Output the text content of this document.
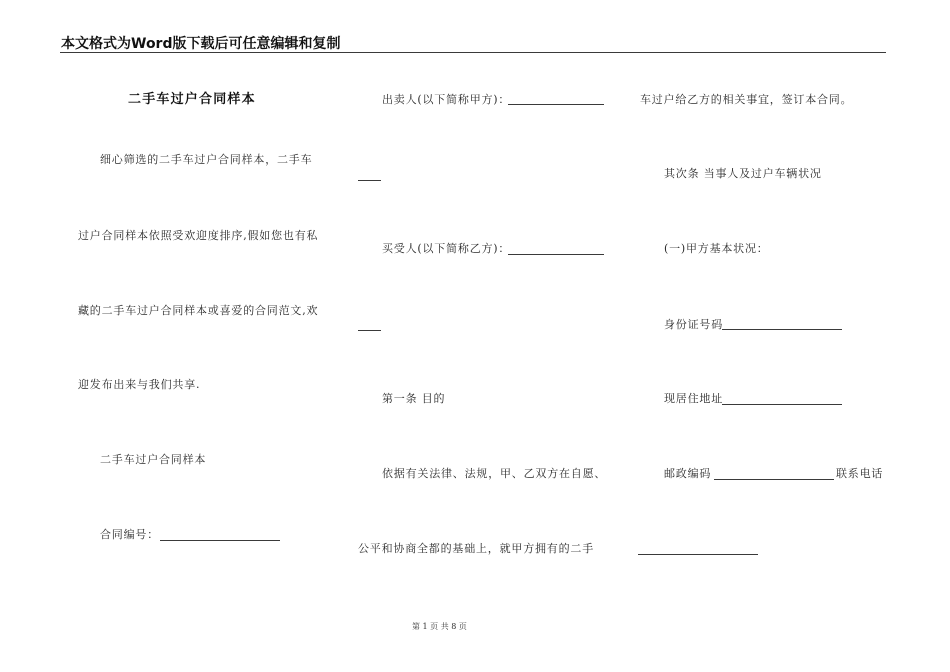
本文格式为Word版下载后可任意编辑和复制
二手车过户合同样本
细心筛选的二手车过户合同样本，二手车
过户合同样本依照受欢迎度排序,假如您也有私
藏的二手车过户合同样本或喜爱的合同范文,欢
迎发布出来与我们共享.
二手车过户合同样本
合同编号：
出卖人(以下简称甲方)：
买受人(以下简称乙方)：
第一条 目的
依据有关法律、法规，甲、乙双方在自愿、
公平和协商全都的基础上，就甲方拥有的二手
车过户给乙方的相关事宜，签订本合同。
其次条 当事人及过户车辆状况
(一)甲方基本状况：
身份证号码
现居住地址
邮政编码	联系电话
第 1 页 共 8 页
